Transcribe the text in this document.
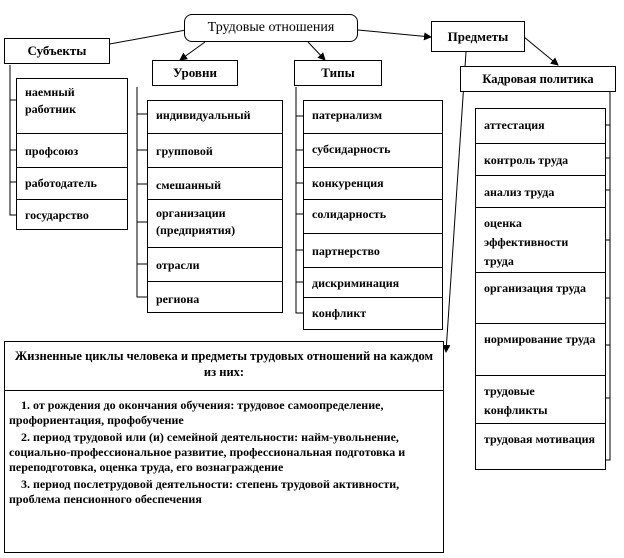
Трудовые отношения
Субъекты
наемный работник
профсоюз
работодатель
государство
Уровни
индивидуальный
групповой
смешанный
организации (предприятия)
отрасли
региона
Типы
патернализм
субсидарность
конкуренция
солидарность
партнерство
дискриминация
конфликт
Предметы
Кадровая политика
аттестация
контроль труда
анализ труда
оценка эффективности труда
организация труда
нормирование труда
трудовые конфликты
трудовая мотивация
Жизненные циклы человека и предметы трудовых отношений на каждом из них:
1. от рождения до окончания обучения: трудовое самоопределение, профориентация, профобучение
2. период трудовой или (и) семейной деятельности: найм-увольнение, социально-профессиональное развитие, профессиональная подготовка и переподготовка, оценка труда, его вознаграждение
3. период послетрудовой деятельности: степень трудовой активности, проблема пенсионного обеспечения
